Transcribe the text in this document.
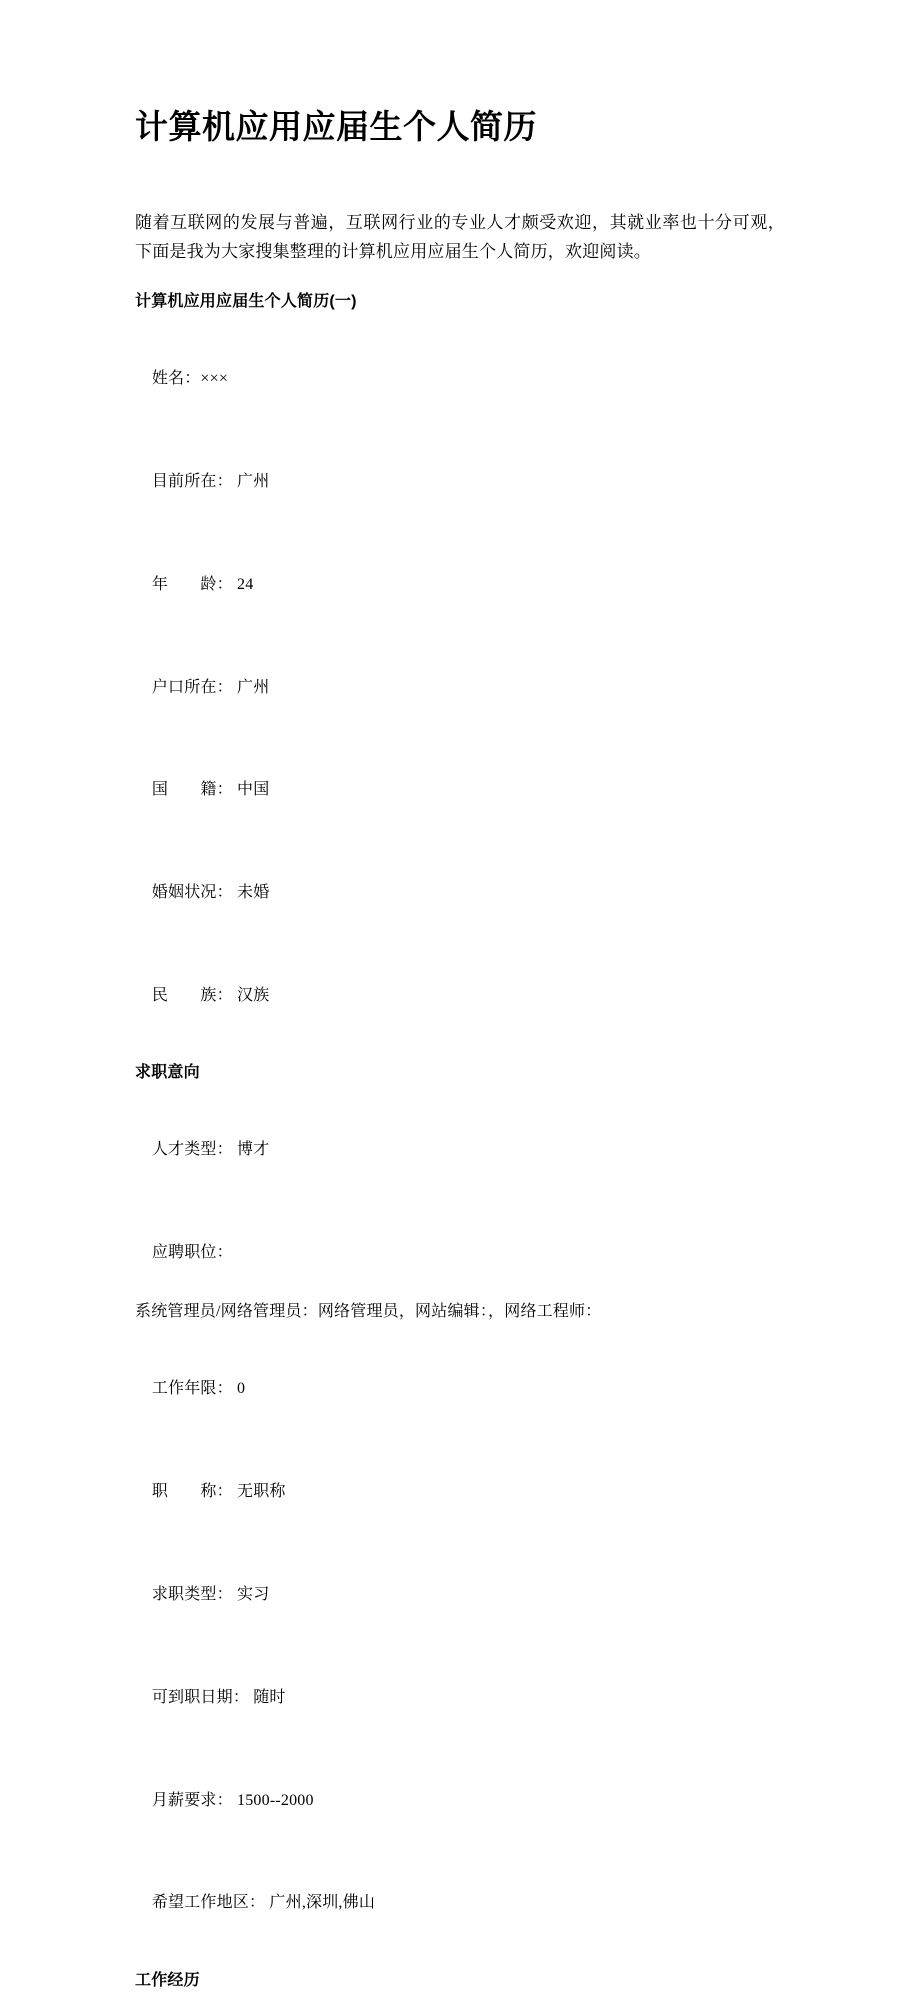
计算机应用应届生个人简历

随着互联网的发展与普遍，互联网行业的专业人才颇受欢迎，其就业率也十分可观，下面是我为大家搜集整理的计算机应用应届生个人简历，欢迎阅读。

计算机应用应届生个人简历(一)

姓名：×××

目前所在： 广州

年　　龄： 24

户口所在： 广州

国　　籍： 中国

婚姻状况： 未婚

民　　族： 汉族

求职意向

人才类型： 博才

应聘职位：

系统管理员/网络管理员：网络管理员，网站编辑：，网络工程师：

工作年限： 0

职　　称： 无职称

求职类型： 实习

可到职日期： 随时

月薪要求： 1500--2000

希望工作地区： 广州,深圳,佛山

工作经历
